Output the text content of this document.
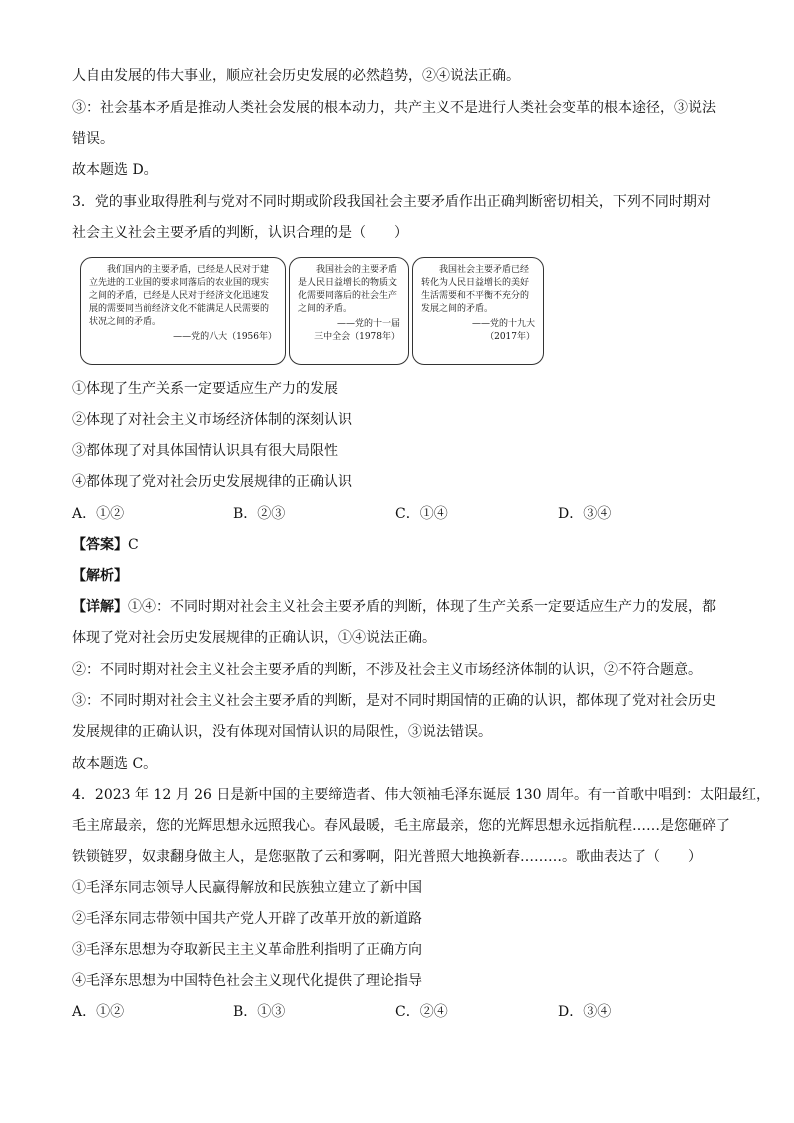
人自由发展的伟大事业，顺应社会历史发展的必然趋势，②④说法正确。
③：社会基本矛盾是推动人类社会发展的根本动力，共产主义不是进行人类社会变革的根本途径，③说法
错误。
故本题选 D。
3．党的事业取得胜利与党对不同时期或阶段我国社会主要矛盾作出正确判断密切相关，下列不同时期对
社会主义社会主要矛盾的判断，认识合理的是（　　）

我们国内的主要矛盾，已经是人民对于建立先进的工业国的要求同落后的农业国的现实之间的矛盾，已经是人民对于经济文化迅速发展的需要同当前经济文化不能满足人民需要的状况之间的矛盾。

——党的八大（1956年）

我国社会的主要矛盾是人民日益增长的物质文化需要同落后的社会生产之间的矛盾。

——党的十一届
三中全会（1978年）

我国社会主要矛盾已经转化为人民日益增长的美好生活需要和不平衡不充分的发展之间的矛盾。

——党的十九大
（2017年）
①体现了生产关系一定要适应生产力的发展
②体现了对社会主义市场经济体制的深刻认识
③都体现了对具体国情认识具有很大局限性
④都体现了党对社会历史发展规律的正确认识
A．①②	B．②③	C．①④	D．③④
【答案】C
【解析】
【详解】①④：不同时期对社会主义社会主要矛盾的判断，体现了生产关系一定要适应生产力的发展，都
体现了党对社会历史发展规律的正确认识，①④说法正确。
②：不同时期对社会主义社会主要矛盾的判断，不涉及社会主义市场经济体制的认识，②不符合题意。
③：不同时期对社会主义社会主要矛盾的判断，是对不同时期国情的正确的认识，都体现了党对社会历史
发展规律的正确认识，没有体现对国情认识的局限性，③说法错误。
故本题选 C。
4．2023 年 12 月 26 日是新中国的主要缔造者、伟大领袖毛泽东诞辰 130 周年。有一首歌中唱到：太阳最红，
毛主席最亲，您的光辉思想永远照我心。春风最暖，毛主席最亲，您的光辉思想永远指航程……是您砸碎了
铁锁链罗，奴隶翻身做主人，是您驱散了云和雾啊，阳光普照大地换新春………。歌曲表达了（　　）
①毛泽东同志领导人民赢得解放和民族独立建立了新中国
②毛泽东同志带领中国共产党人开辟了改革开放的新道路
③毛泽东思想为夺取新民主主义革命胜利指明了正确方向
④毛泽东思想为中国特色社会主义现代化提供了理论指导
A．①②	B．①③	C．②④	D．③④
